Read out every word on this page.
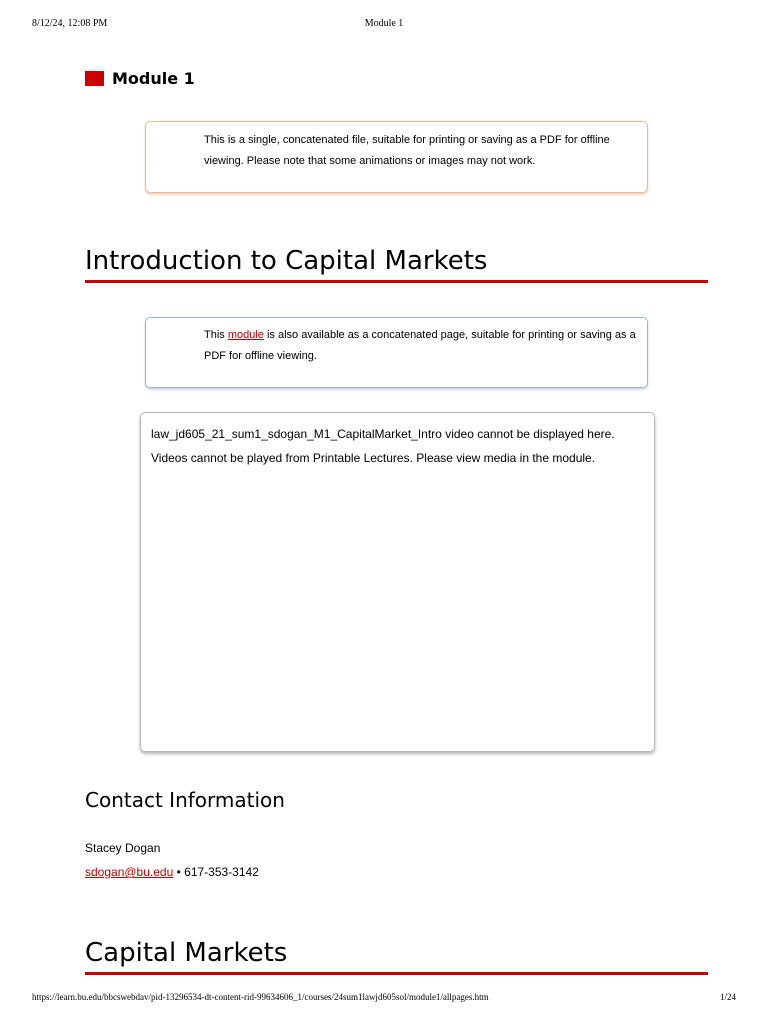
8/12/24, 12:08 PM	Module 1
Module 1
This is a single, concatenated file, suitable for printing or saving as a PDF for offline viewing. Please note that some animations or images may not work.
Introduction to Capital Markets
This module is also available as a concatenated page, suitable for printing or saving as a PDF for offline viewing.

law_jd605_21_sum1_sdogan_M1_CapitalMarket_Intro video cannot be displayed here.

Videos cannot be played from Printable Lectures. Please view media in the module.

Contact Information
Stacey Dogan
sdogan@bu.edu • 617-353-3142
Capital Markets
https://learn.bu.edu/bbcswebdav/pid-13296534-dt-content-rid-99634606_1/courses/24sum1lawjd605sol/module1/allpages.htm	1/24
